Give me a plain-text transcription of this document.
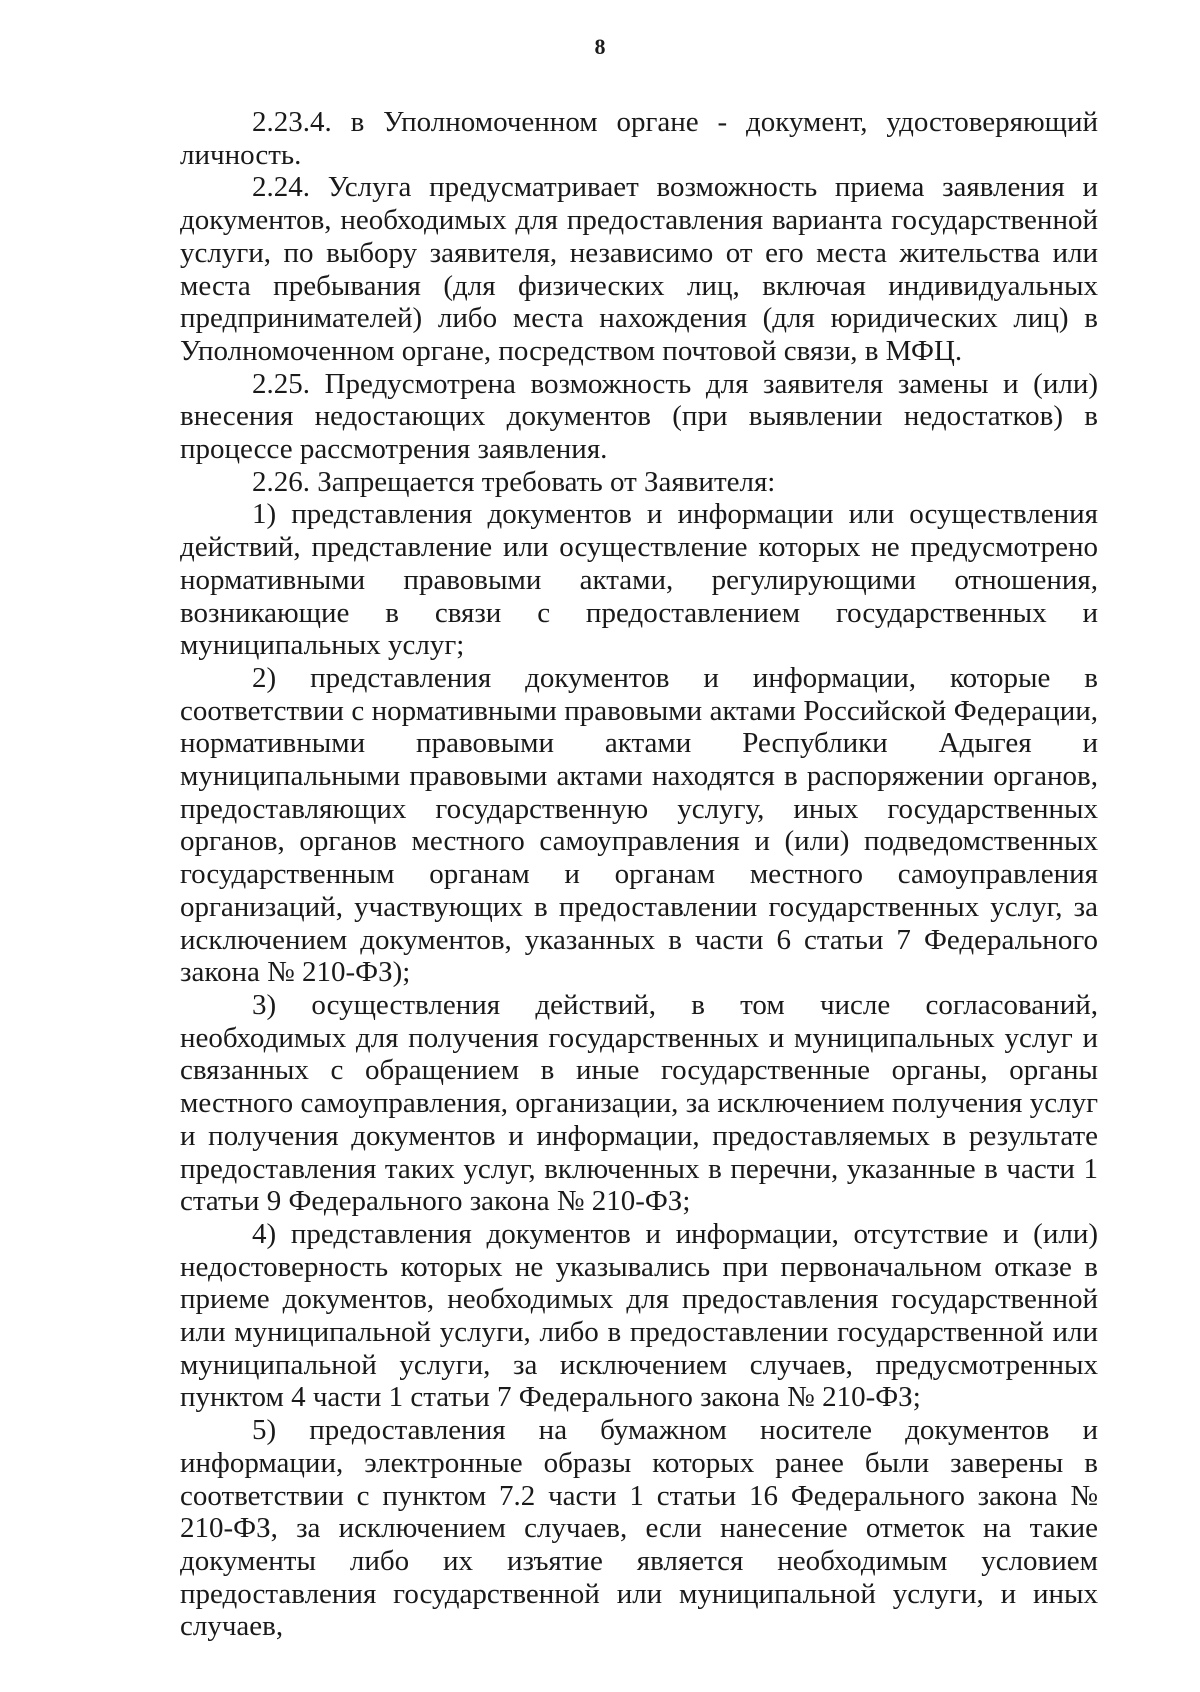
8

2.23.4. в Уполномоченном органе - документ, удостоверяющий личность.

2.24. Услуга предусматривает возможность приема заявления и документов, необходимых для предоставления варианта государственной услуги, по выбору заявителя, независимо от его места жительства или места пребывания (для физических лиц, включая индивидуальных предпринимателей) либо места нахождения (для юридических лиц) в Уполномоченном органе, посредством почтовой связи, в МФЦ.

2.25. Предусмотрена возможность для заявителя замены и (или) внесения недостающих документов (при выявлении недостатков) в процессе рассмотрения заявления.

2.26. Запрещается требовать от Заявителя:

1) представления документов и информации или осуществления действий, представление или осуществление которых не предусмотрено нормативными правовыми актами, регулирующими отношения, возникающие в связи с предоставлением государственных и муниципальных услуг;

2) представления документов и информации, которые в соответствии с нормативными правовыми актами Российской Федерации, нормативными правовыми актами Республики Адыгея и муниципальными правовыми актами находятся в распоряжении органов, предоставляющих государственную услугу, иных государственных органов, органов местного самоуправления и (или) подведомственных государственным органам и органам местного самоуправления организаций, участвующих в предоставлении государственных услуг, за исключением документов, указанных в части 6 статьи 7 Федерального закона № 210-ФЗ);

3) осуществления действий, в том числе согласований, необходимых для получения государственных и муниципальных услуг и связанных с обращением в иные государственные органы, органы местного самоуправления, организации, за исключением получения услуг и получения документов и информации, предоставляемых в результате предоставления таких услуг, включенных в перечни, указанные в части 1 статьи 9 Федерального закона № 210-ФЗ;

4) представления документов и информации, отсутствие и (или) недостоверность которых не указывались при первоначальном отказе в приеме документов, необходимых для предоставления государственной или муниципальной услуги, либо в предоставлении государственной или муниципальной услуги, за исключением случаев, предусмотренных пунктом 4 части 1 статьи 7 Федерального закона № 210-ФЗ;

5) предоставления на бумажном носителе документов и информации, электронные образы которых ранее были заверены в соответствии с пунктом 7.2 части 1 статьи 16 Федерального закона № 210-ФЗ, за исключением случаев, если нанесение отметок на такие документы либо их изъятие является необходимым условием предоставления государственной или муниципальной услуги, и иных случаев,
